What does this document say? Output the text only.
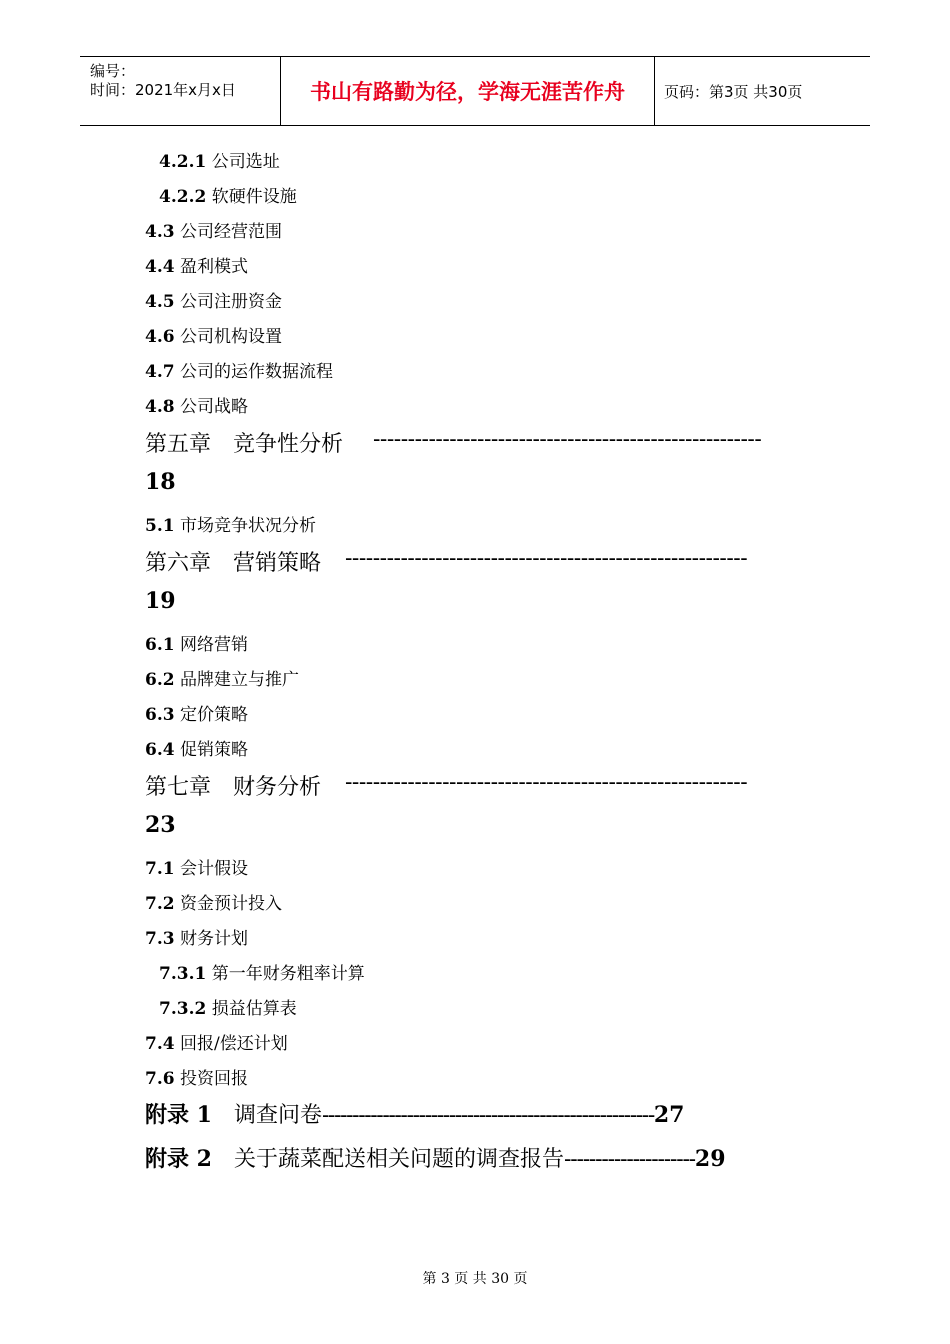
编号：
时间：2021年x月x日	书山有路勤为径，学海无涯苦作舟	页码：第3页 共30页
4.2.1 公司选址
4.2.2 软硬件设施
4.3 公司经营范围
4.4 盈利模式
4.5 公司注册资金
4.6 公司机构设置
4.7 公司的运作数据流程
4.8 公司战略
第五章　竞争性分析 --------------------------------------------------------
18
5.1 市场竞争状况分析
第六章　营销策略 ----------------------------------------------------------
19
6.1 网络营销
6.2 品牌建立与推广
6.3 定价策略
6.4 促销策略
第七章　财务分析 ----------------------------------------------------------
23
7.1 会计假设
7.2 资金预计投入
7.3 财务计划
7.3.1 第一年财务粗率计算
7.3.2 损益估算表
7.4 回报/偿还计划
7.6 投资回报
附录 1　 调查问卷-------------------------------------------------------27
附录 2　 关于蔬菜配送相关问题的调查报告---------------------29
第 3 页 共 30 页
